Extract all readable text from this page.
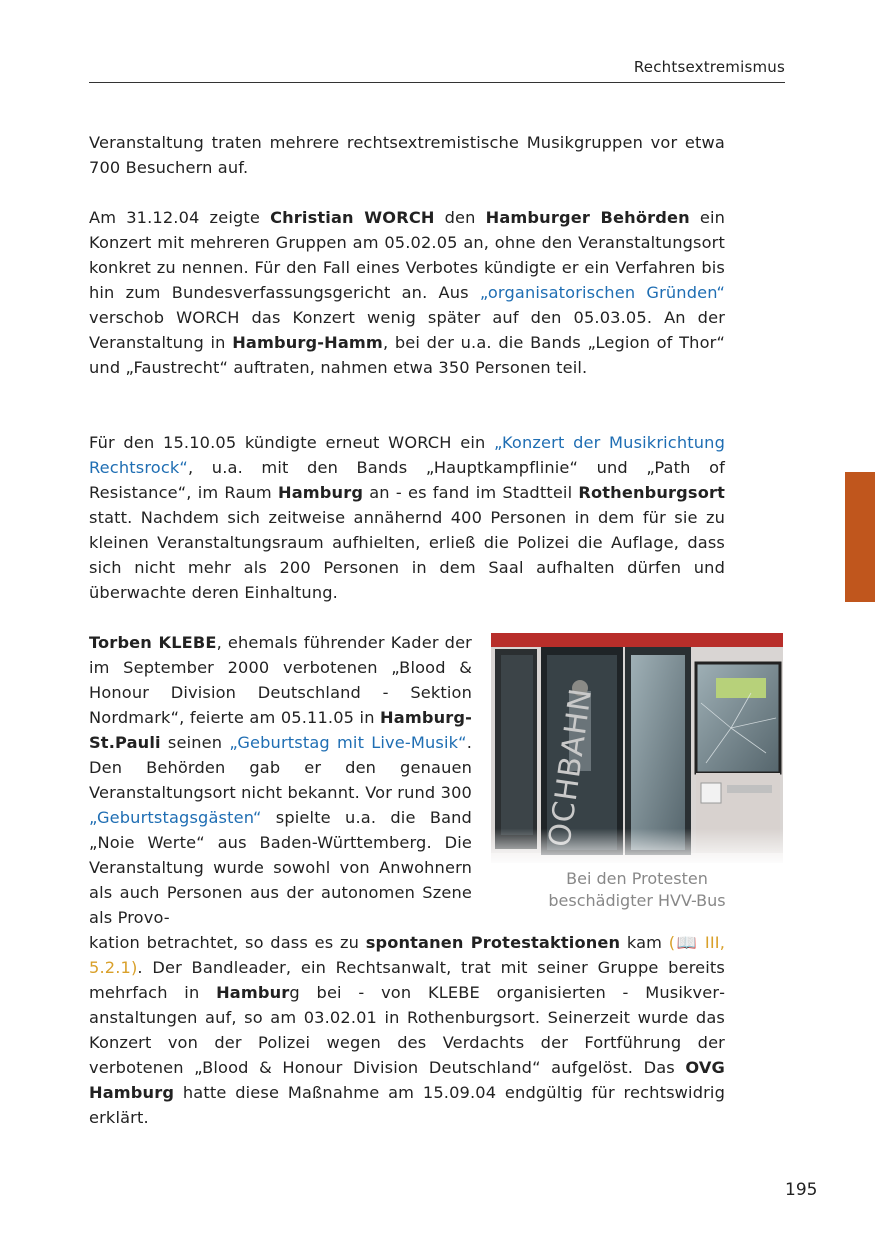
Rechtsextremismus
Veranstaltung traten mehrere rechtsextremistische Musikgruppen vor etwa 700 Besuchern auf.
Am 31.12.04 zeigte Christian WORCH den Hamburger Behörden ein Konzert mit mehreren Gruppen am 05.02.05 an, ohne den Veranstaltungsort konkret zu nennen. Für den Fall eines Verbotes kündigte er ein Verfahren bis hin zum Bundesverfassungsgericht an. Aus „organisatorischen Gründen“ verschob WORCH das Konzert wenig später auf den 05.03.05. An der Veranstaltung in Hamburg-Hamm, bei der u.a. die Bands „Legion of Thor“ und „Faustrecht“ auftraten, nahmen etwa 350 Personen teil.
Für den 15.10.05 kündigte erneut WORCH ein „Konzert der Musikrichtung Rechtsrock“, u.a. mit den Bands „Hauptkampflinie“ und „Path of Resistance“, im Raum Hamburg an - es fand im Stadtteil Rothenburgsort statt. Nachdem sich zeitweise annähernd 400 Personen in dem für sie zu kleinen Veranstaltungsraum aufhielten, erließ die Polizei die Auflage, dass sich nicht mehr als 200 Personen in dem Saal aufhalten dürfen und überwachte deren Einhaltung.
Torben KLEBE, ehemals führender Kader der im September 2000 verbotenen „Blood & Honour Division Deutschland - Sektion Nordmark“, feierte am 05.11.05 in Hamburg-St.Pauli seinen „Geburtstag mit Live-Musik“. Den Behörden gab er den genauen Veranstaltungsort nicht bekannt. Vor rund 300 „Geburtstagsgästen“ spielte u.a. die Band „Noie Werte“ aus Baden-Württemberg. Die Veranstaltung wurde sowohl von Anwohnern als auch Personen aus der autonomen Szene als Provo-
kation betrachtet, so dass es zu spontanen Protestaktionen kam (📖 III, 5.2.1). Der Bandleader, ein Rechtsanwalt, trat mit seiner Gruppe bereits mehrfach in Hamburg bei - von KLEBE organisierten - Musikveranstaltungen auf, so am 03.02.01 in Rothenburgsort. Seinerzeit wurde das Konzert von der Polizei wegen des Verdachts der Fortführung der verbotenen „Blood & Honour Division Deutschland“ aufgelöst. Das OVG Hamburg hatte diese Maßnahme am 15.09.04 endgültig für rechtswidrig erklärt.
Bei den Protesten
beschädigter HVV-Bus
195
